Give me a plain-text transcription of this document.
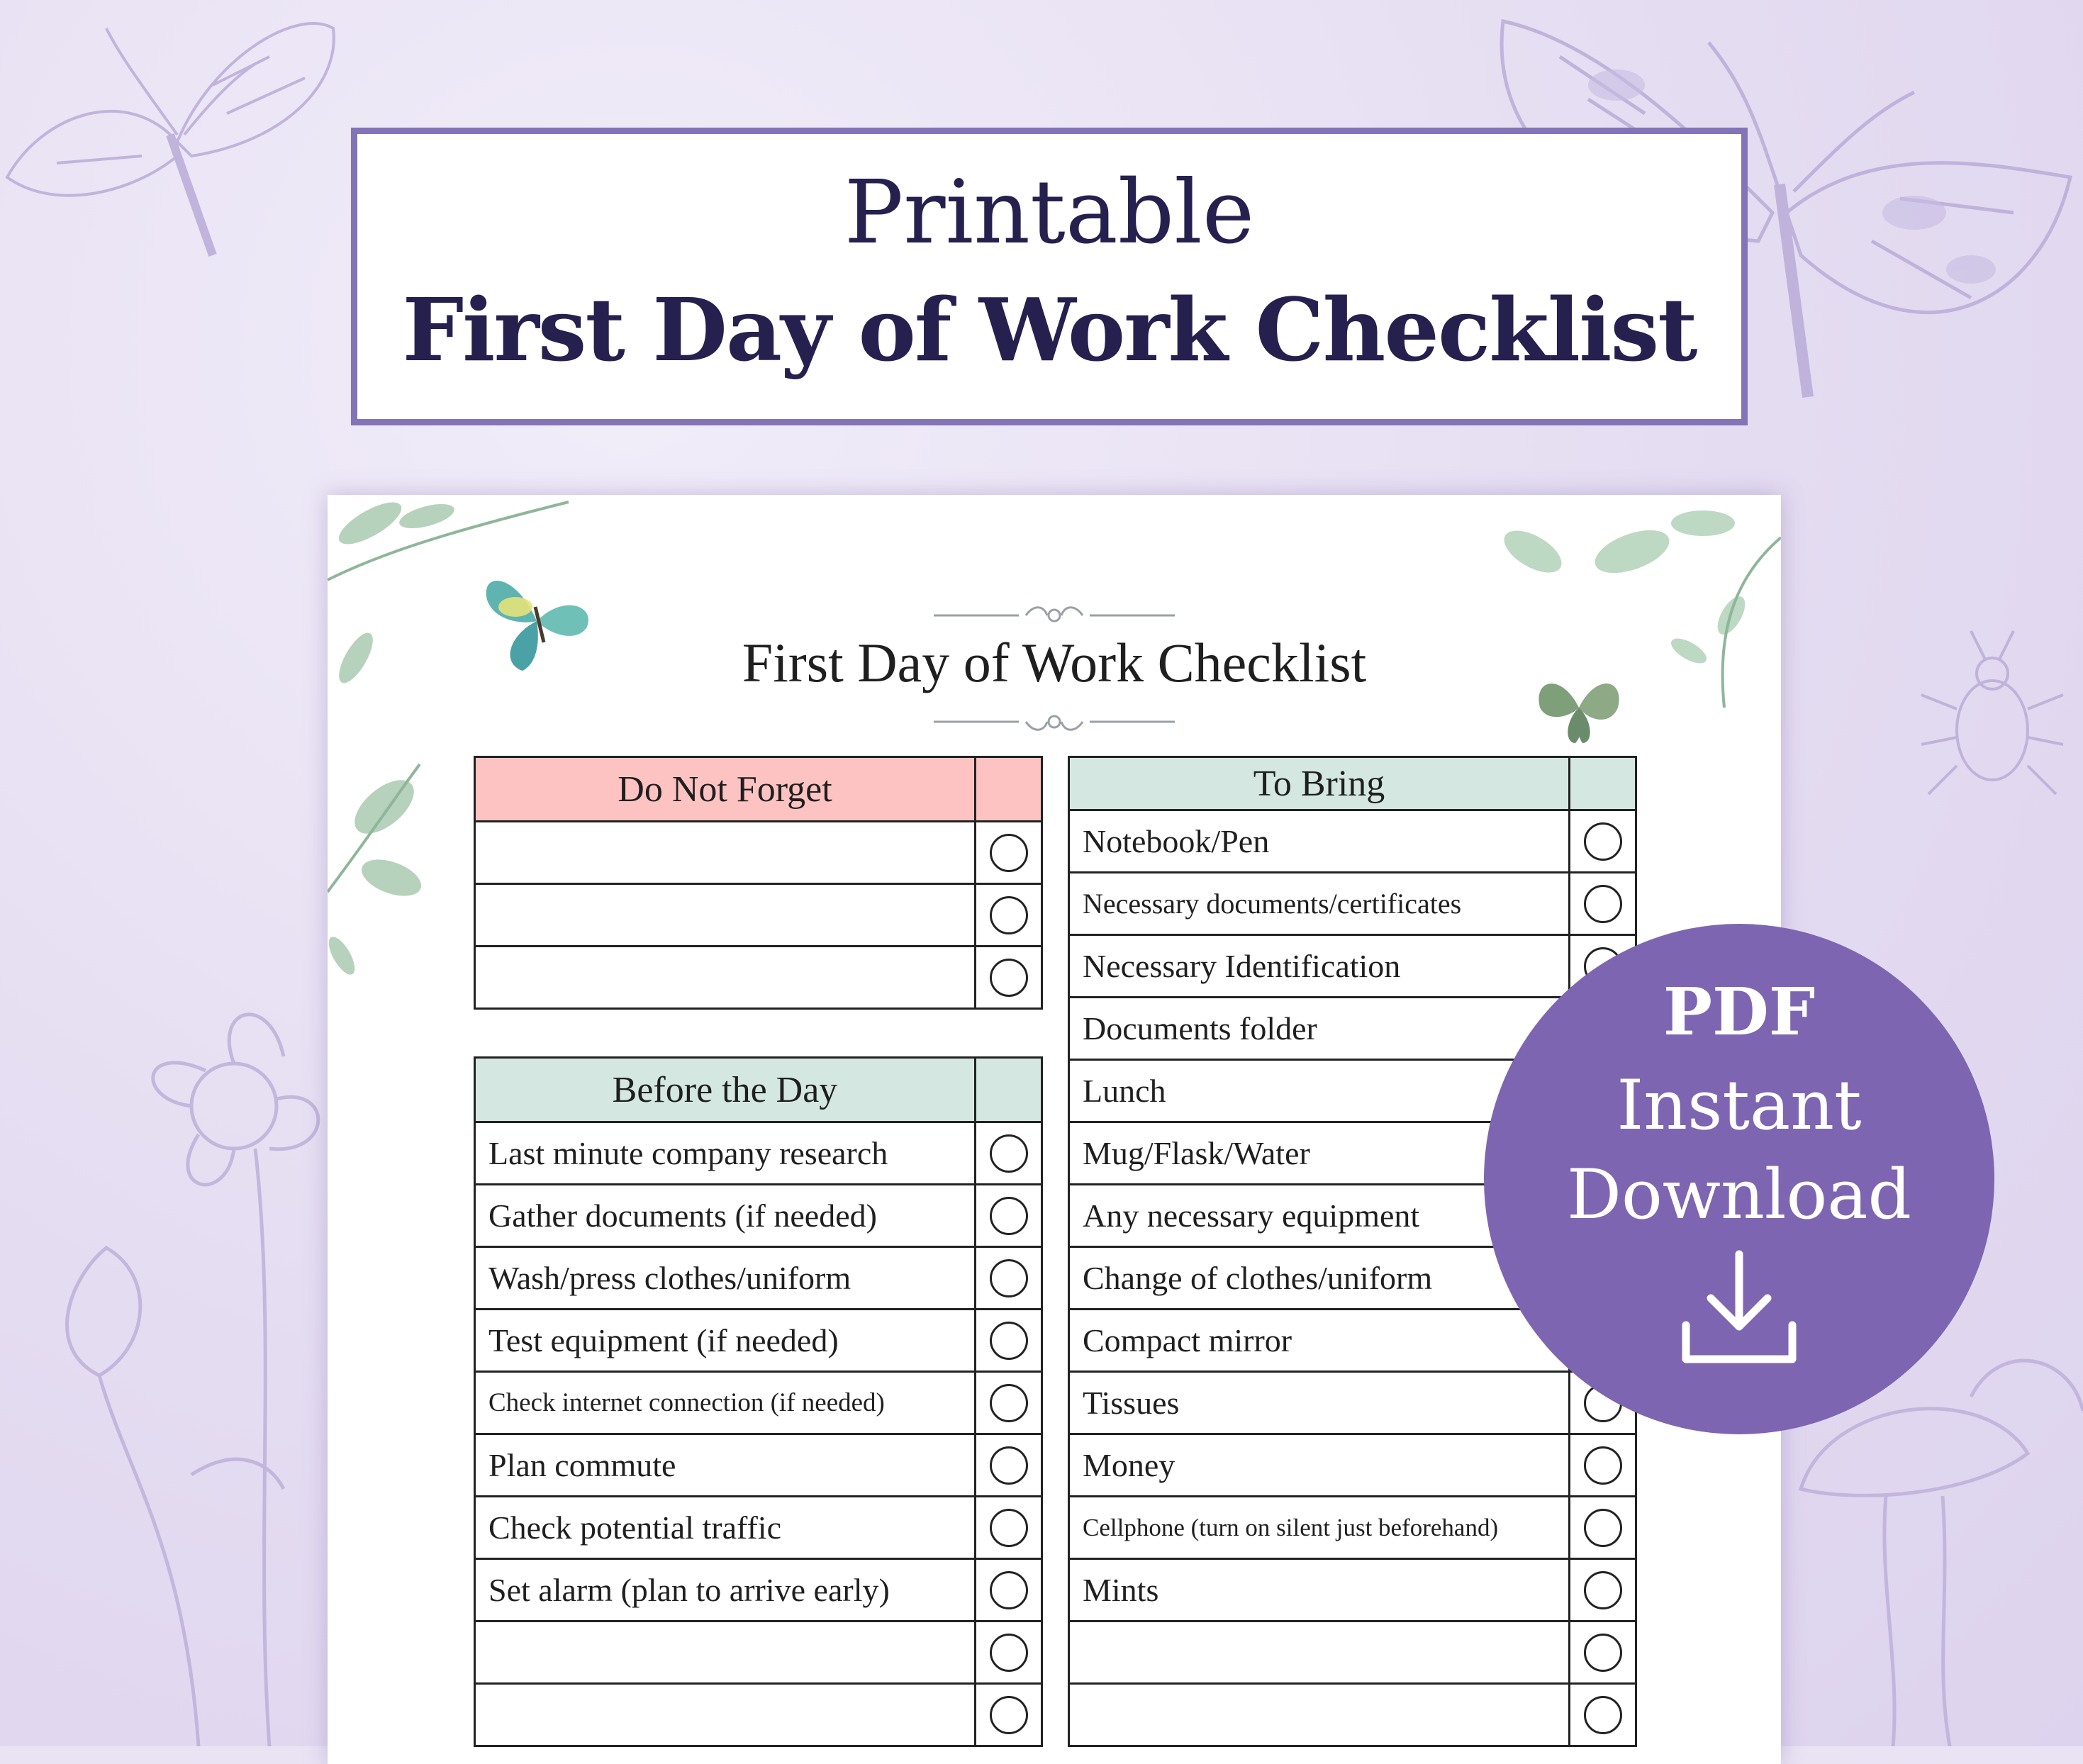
Printable
First Day of Work Checklist
First Day of Work Checklist
Do Not Forget	

Before the Day	
Last minute company research	
Gather documents (if needed)	
Wash/press clothes/uniform	
Test equipment (if needed)	
Check internet connection (if needed)	
Plan commute	
Check potential traffic	
Set alarm (plan to arrive early)	

To Bring	
Notebook/Pen	
Necessary documents/certificates	
Necessary Identification	
Documents folder	
Lunch	
Mug/Flask/Water	
Any necessary equipment	
Change of clothes/uniform	
Compact mirror	
Tissues	
Money	
Cellphone (turn on silent just beforehand)	
Mints	

PDF
Instant
Download
